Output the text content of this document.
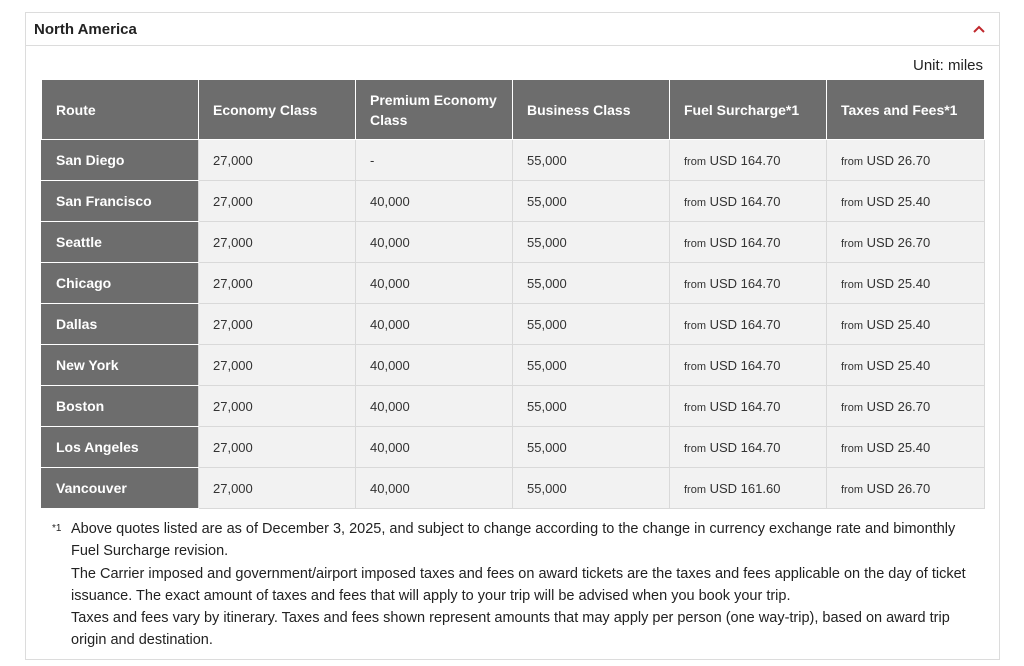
North America
Unit: miles
Route	Economy Class	Premium Economy Class	Business Class	Fuel Surcharge*1	Taxes and Fees*1
San Diego	27,000	-	55,000	from USD 164.70	from USD 26.70
San Francisco	27,000	40,000	55,000	from USD 164.70	from USD 25.40
Seattle	27,000	40,000	55,000	from USD 164.70	from USD 26.70
Chicago	27,000	40,000	55,000	from USD 164.70	from USD 25.40
Dallas	27,000	40,000	55,000	from USD 164.70	from USD 25.40
New York	27,000	40,000	55,000	from USD 164.70	from USD 25.40
Boston	27,000	40,000	55,000	from USD 164.70	from USD 26.70
Los Angeles	27,000	40,000	55,000	from USD 164.70	from USD 25.40
Vancouver	27,000	40,000	55,000	from USD 161.60	from USD 26.70
$^{*1}$ Above quotes listed are as of December 3, 2025, and subject to change according to the change in currency exchange rate and bimonthly Fuel Surcharge revision.

The Carrier imposed and government/airport imposed taxes and fees on award tickets are the taxes and fees applicable on the day of ticket issuance. The exact amount of taxes and fees that will apply to your trip will be advised when you book your trip.

Taxes and fees vary by itinerary. Taxes and fees shown represent amounts that may apply per person (one way-trip), based on award trip origin and destination.
